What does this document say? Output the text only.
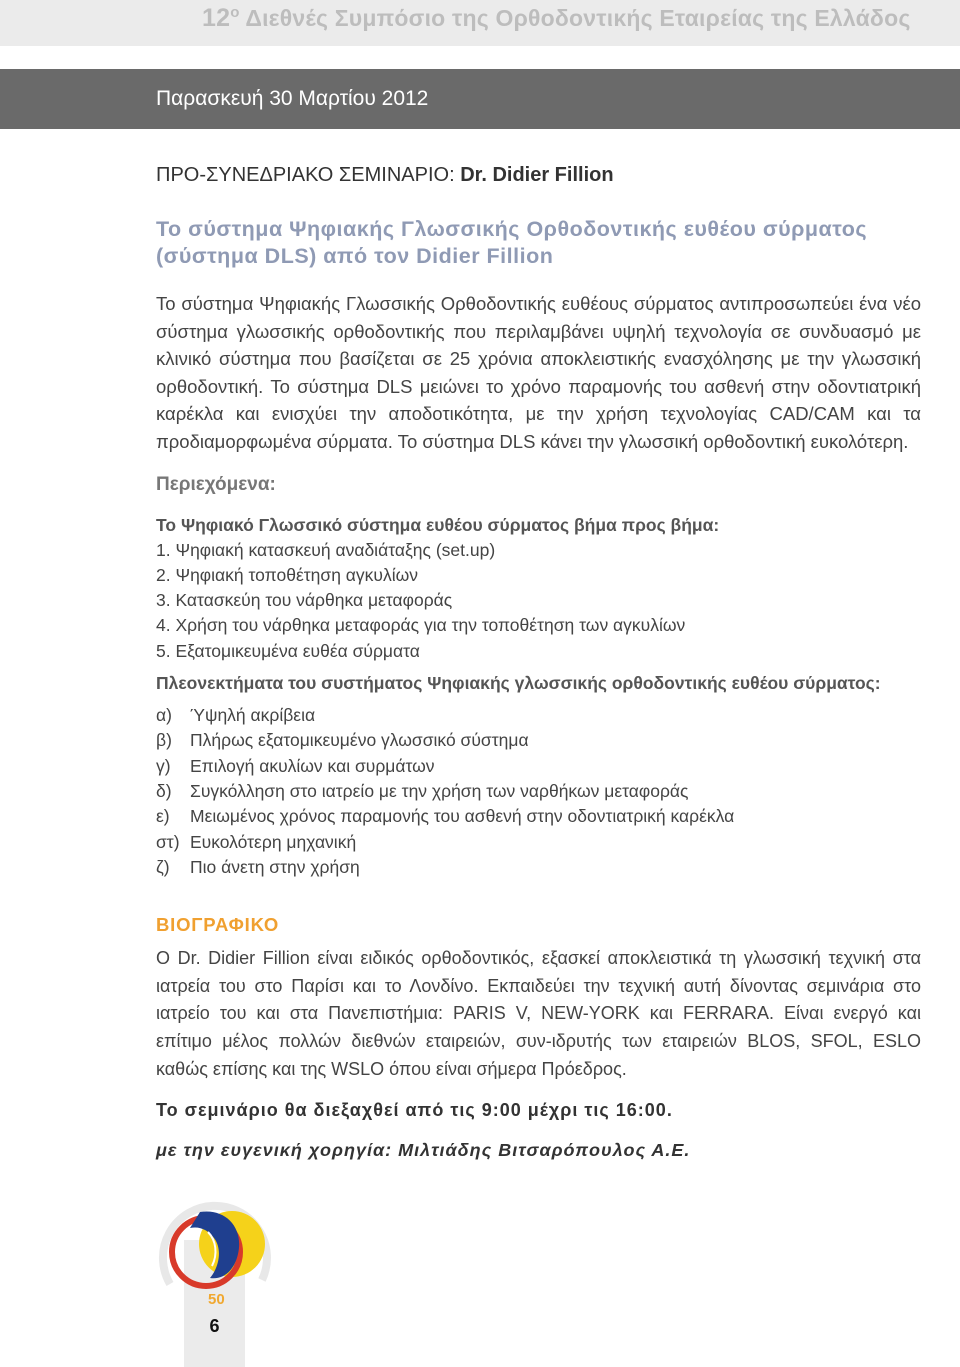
$12^o$ Διεθνές Συμπόσιο της Ορθοδοντικής Εταιρείας της Ελλάδος
Παρασκευή 30 Μαρτίου 2012
ΠΡΟ-ΣΥΝΕΔΡΙΑΚΟ ΣΕΜΙΝΑΡΙΟ: Dr. Didier Fillion
Το σύστημα Ψηφιακής Γλωσσικής Ορθοδοντικής ευθέου σύρματος (σύστημα DLS) από τον Didier Fillion
Το σύστημα Ψηφιακής Γλωσσικής Ορθοδοντικής ευθέους σύρματος αντιπροσωπεύει ένα νέο σύστημα γλωσσικής ορθοδοντικής που περιλαμβάνει υψηλή τεχνολογία σε συνδυασμό με κλινικό σύστημα που βασίζεται σε 25 χρόνια αποκλειστικής ενασχόλησης με την γλωσσική ορθοδοντική. Το σύστημα DLS μειώνει το χρόνο παραμονής του ασθενή στην οδοντιατρική καρέκλα και ενισχύει την αποδοτικότητα, με την χρήση τεχνολογίας CAD/CAM και τα προδιαμορφωμένα σύρματα. Το σύστημα DLS κάνει την γλωσσική ορθοδοντική ευκολότερη.
Περιεχόμενα:
Το Ψηφιακό Γλωσσικό σύστημα ευθέου σύρματος βήμα προς βήμα:
1. Ψηφιακή κατασκευή αναδιάταξης (set.up)
2. Ψηφιακή τοποθέτηση αγκυλίων
3. Κατασκεύη του νάρθηκα μεταφοράς
4. Χρήση του νάρθηκα μεταφοράς για την τοποθέτηση των αγκυλίων
5. Εξατομικευμένα ευθέα σύρματα
Πλεονεκτήματα του συστήματος Ψηφιακής γλωσσικής ορθοδοντικής ευθέου σύρματος:
α)	Ύψηλή ακρίβεια
β)	Πλήρως εξατομικευμένο γλωσσικό σύστημα
γ)	Επιλογή ακυλίων και συρμάτων
δ)	Συγκόλληση στο ιατρείο με την χρήση των ναρθήκων μεταφοράς
ε)	Μειωμένος χρόνος παραμονής του ασθενή στην οδοντιατρική καρέκλα
στ) Ευκολότερη μηχανική
ζ)	Πιο άνετη στην χρήση
ΒΙΟΓΡΑΦΙΚΟ
Ο Dr. Didier Fillion είναι ειδικός ορθοδοντικός, εξασκεί αποκλειστικά τη γλωσσική τεχνική στα ιατρεία του στο Παρίσι και το Λονδίνο. Εκπαιδεύει την τεχνική αυτή δίνοντας σεμινάρια στο ιατρείο του και στα Πανεπιστήμια: PARIS V, NEW-YORK και FERRARA. Είναι ενεργό και επίτιμο μέλος πολλών διεθνών εταιρειών, συν-ιδρυτής των εταιρειών BLOS, SFOL, ESLO καθώς επίσης και της WSLO όπου είναι σήμερα Πρόεδρος.
Το σεμινάριο θα διεξαχθεί από τις 9:00 μέχρι τις 16:00.
με την ευγενική χορηγία: Μιλτιάδης Βιτσαρόπουλος Α.Ε.
6
50
